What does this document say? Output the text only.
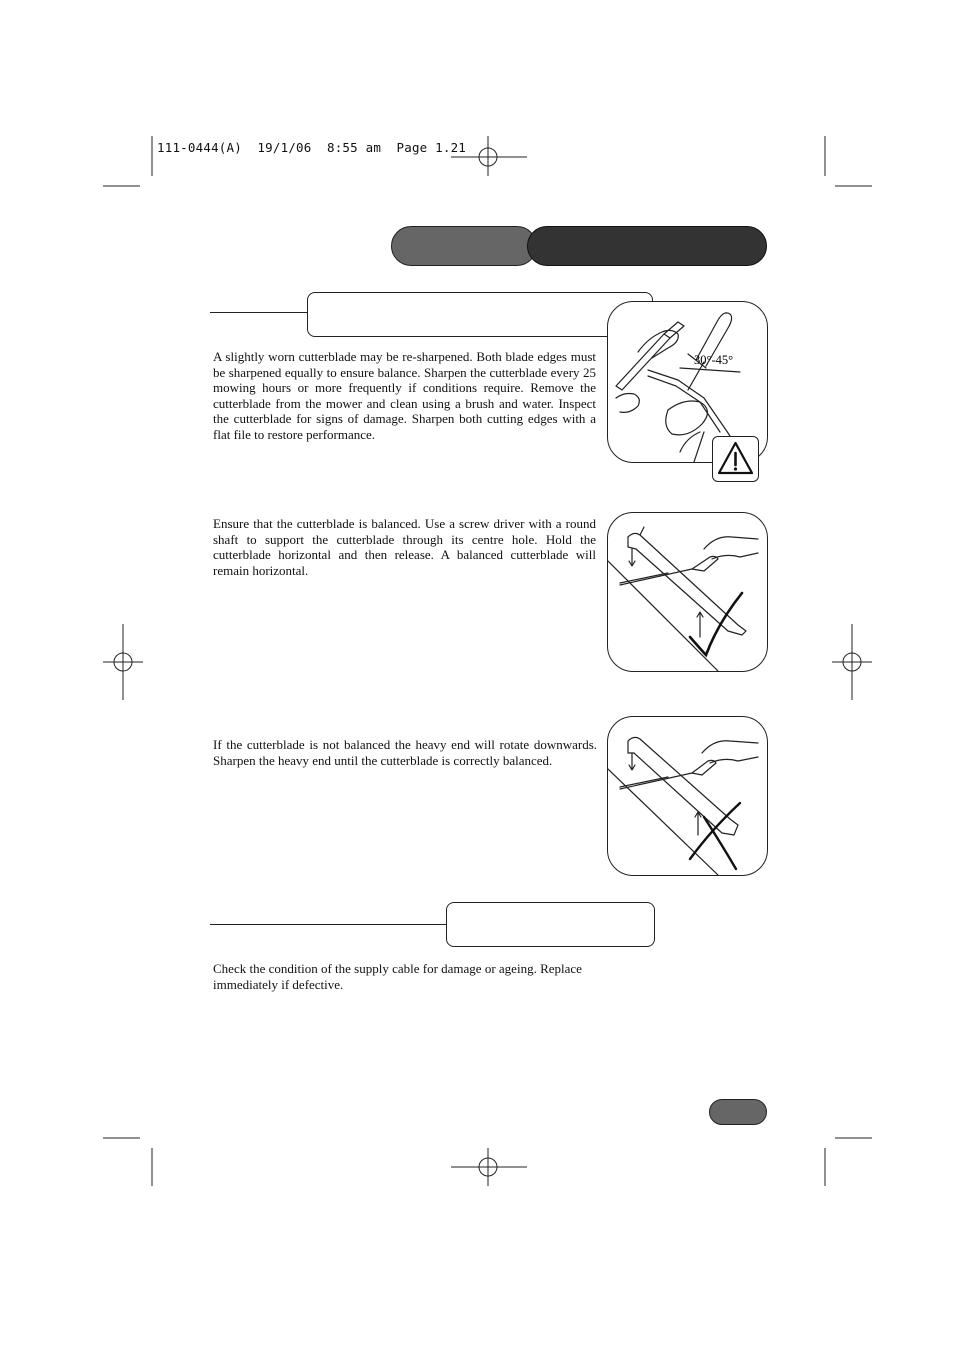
111-0444(A)  19/1/06  8:55 am  Page 1.21
A slightly worn cutterblade may be re-sharpened. Both blade edges must be sharpened equally to ensure balance. Sharpen the cutterblade every 25 mowing hours or more frequently if conditions require. Remove the cutterblade from the mower and clean using a brush and water. Inspect the cutterblade for signs of damage. Sharpen both cutting edges with a flat file to restore performance.
30°-45°
Ensure that the cutterblade is balanced. Use a screw driver with a round shaft to support the cutterblade through its centre hole. Hold the cutterblade horizontal and then release. A balanced cutterblade will remain horizontal.
If the cutterblade is not balanced the heavy end will rotate downwards. Sharpen the heavy end until the cutterblade is correctly balanced.
Check the condition of the supply cable for damage or ageing. Replace immediately if defective.
